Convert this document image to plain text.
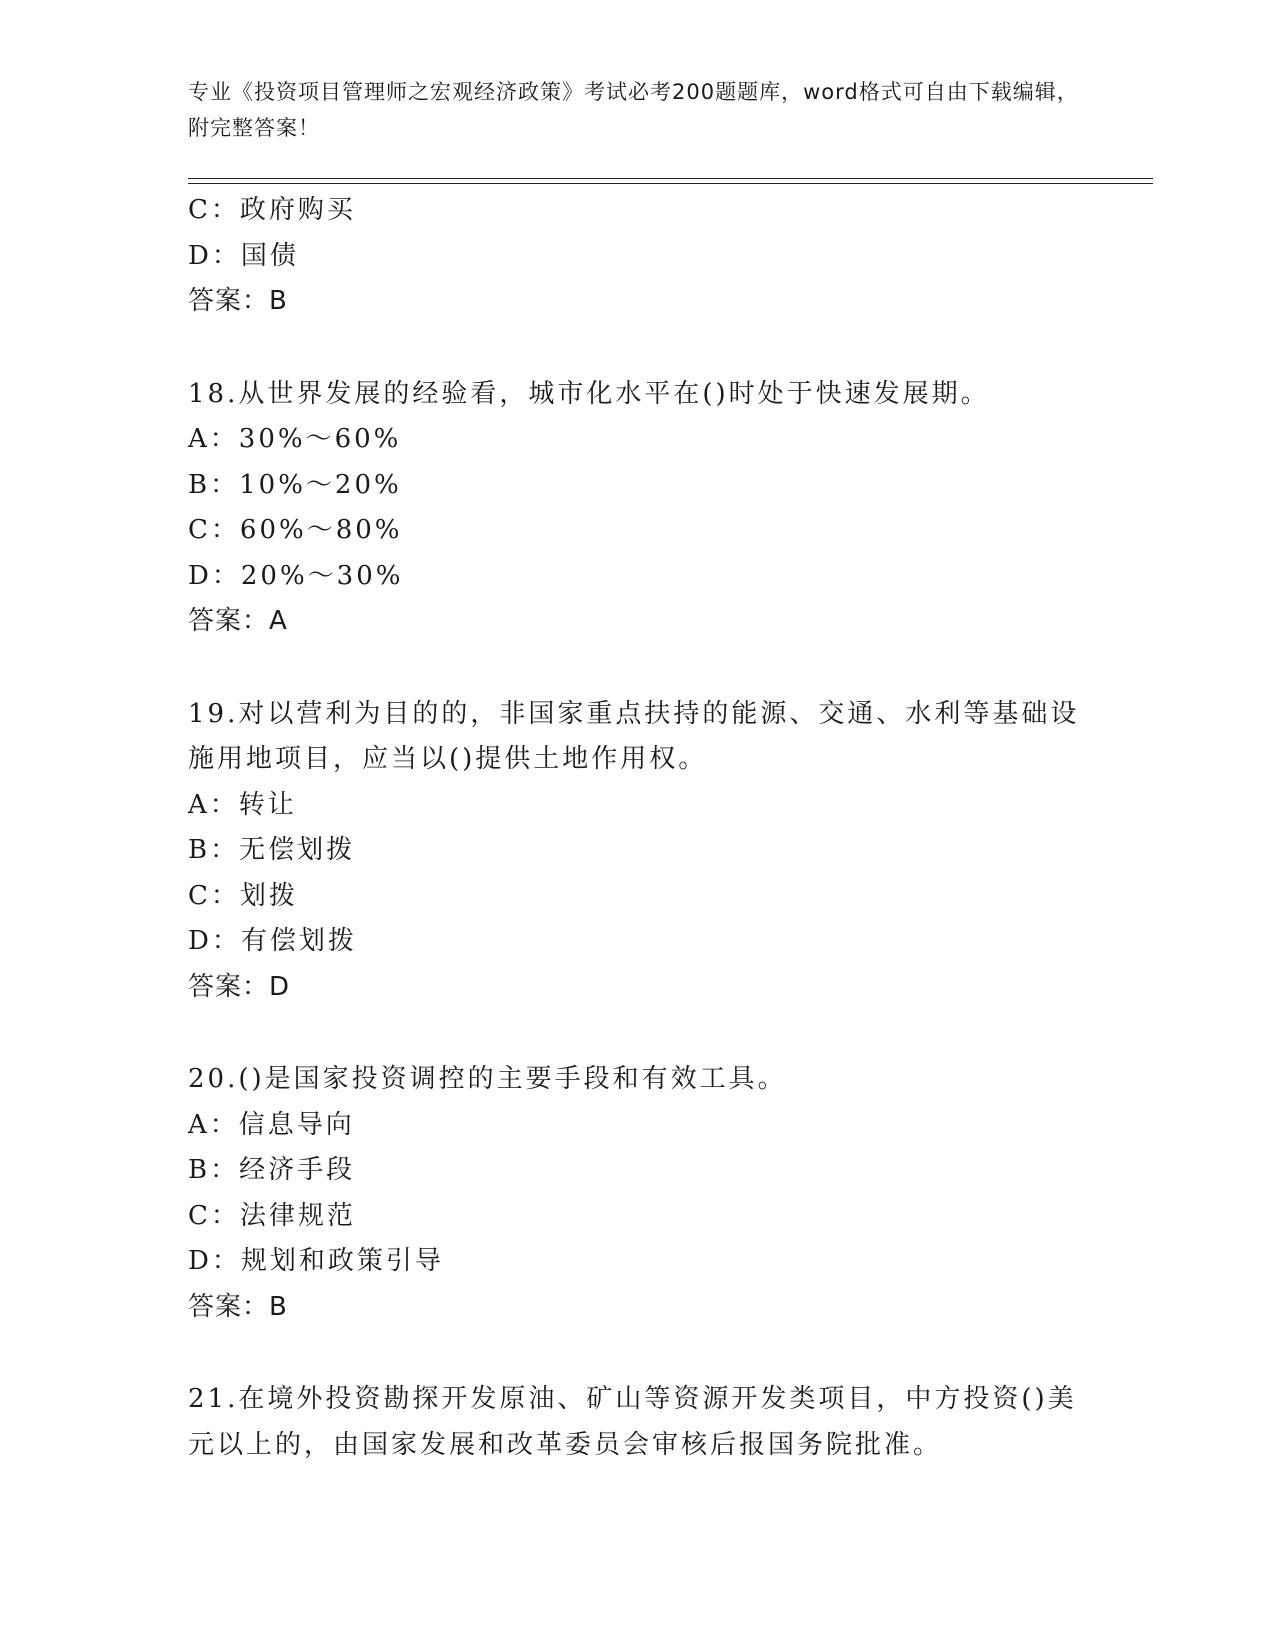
专业《投资项目管理师之宏观经济政策》考试必考200题题库，word格式可自由下载编辑，附完整答案！
C：政府购买
D：国债
答案：B
18.从世界发展的经验看，城市化水平在()时处于快速发展期。
A：30%～60%
B：10%～20%
C：60%～80%
D：20%～30%
答案：A
19.对以营利为目的的，非国家重点扶持的能源、交通、水利等基础设施用地项目，应当以()提供土地作用权。
A：转让
B：无偿划拨
C：划拨
D：有偿划拨
答案：D
20.()是国家投资调控的主要手段和有效工具。
A：信息导向
B：经济手段
C：法律规范
D：规划和政策引导
答案：B
21.在境外投资勘探开发原油、矿山等资源开发类项目，中方投资()美元以上的，由国家发展和改革委员会审核后报国务院批准。
